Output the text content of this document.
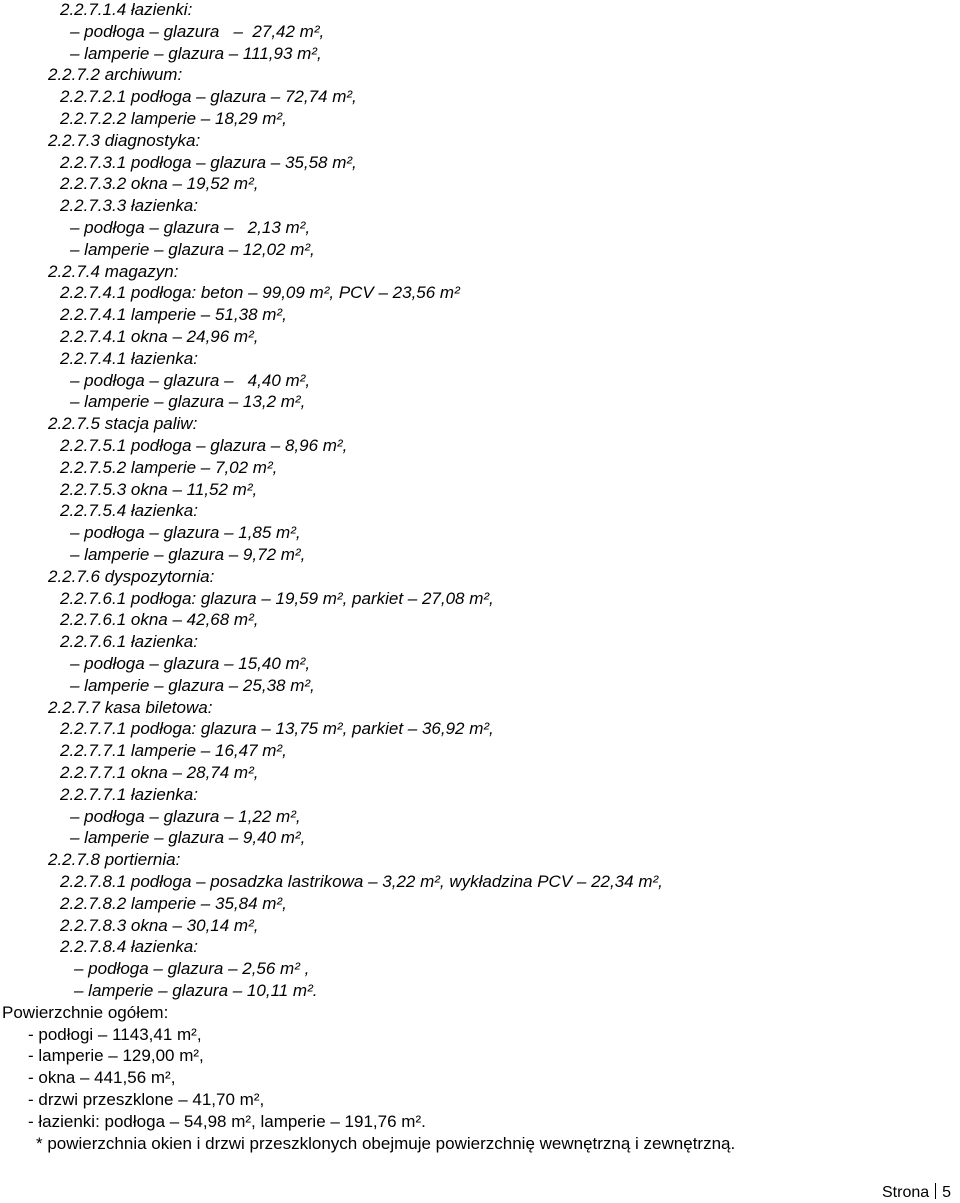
2.2.7.1.4 łazienki:
– podłoga – glazura   –  27,42 m²,
– lamperie – glazura – 111,93 m²,
2.2.7.2 archiwum:
2.2.7.2.1 podłoga – glazura – 72,74 m²,
2.2.7.2.2 lamperie – 18,29 m²,
2.2.7.3 diagnostyka:
2.2.7.3.1 podłoga – glazura – 35,58 m²,
2.2.7.3.2 okna – 19,52 m²,
2.2.7.3.3 łazienka:
– podłoga – glazura –   2,13 m²,
– lamperie – glazura – 12,02 m²,
2.2.7.4 magazyn:
2.2.7.4.1 podłoga: beton – 99,09 m², PCV – 23,56 m²
2.2.7.4.1 lamperie – 51,38 m²,
2.2.7.4.1 okna – 24,96 m²,
2.2.7.4.1 łazienka:
– podłoga – glazura –   4,40 m²,
– lamperie – glazura – 13,2 m²,
2.2.7.5 stacja paliw:
2.2.7.5.1 podłoga – glazura – 8,96 m²,
2.2.7.5.2 lamperie – 7,02 m²,
2.2.7.5.3 okna – 11,52 m²,
2.2.7.5.4 łazienka:
– podłoga – glazura – 1,85 m²,
– lamperie – glazura – 9,72 m²,
2.2.7.6 dyspozytornia:
2.2.7.6.1 podłoga: glazura – 19,59 m², parkiet – 27,08 m²,
2.2.7.6.1 okna – 42,68 m²,
2.2.7.6.1 łazienka:
– podłoga – glazura – 15,40 m²,
– lamperie – glazura – 25,38 m²,
2.2.7.7 kasa biletowa:
2.2.7.7.1 podłoga: glazura – 13,75 m², parkiet – 36,92 m²,
2.2.7.7.1 lamperie – 16,47 m²,
2.2.7.7.1 okna – 28,74 m²,
2.2.7.7.1 łazienka:
– podłoga – glazura – 1,22 m²,
– lamperie – glazura – 9,40 m²,
2.2.7.8 portiernia:
2.2.7.8.1 podłoga – posadzka lastrikowa – 3,22 m², wykładzina PCV – 22,34 m²,
2.2.7.8.2 lamperie – 35,84 m²,
2.2.7.8.3 okna – 30,14 m²,
2.2.7.8.4 łazienka:
– podłoga – glazura – 2,56 m² ,
– lamperie – glazura – 10,11 m².
Powierzchnie ogółem:
- podłogi – 1143,41 m²,
- lamperie – 129,00 m²,
- okna – 441,56 m²,
- drzwi przeszklone – 41,70 m²,
- łazienki: podłoga – 54,98 m², lamperie – 191,76 m².
* powierzchnia okien i drzwi przeszklonych obejmuje powierzchnię wewnętrzną i zewnętrzną.
Strona 5
